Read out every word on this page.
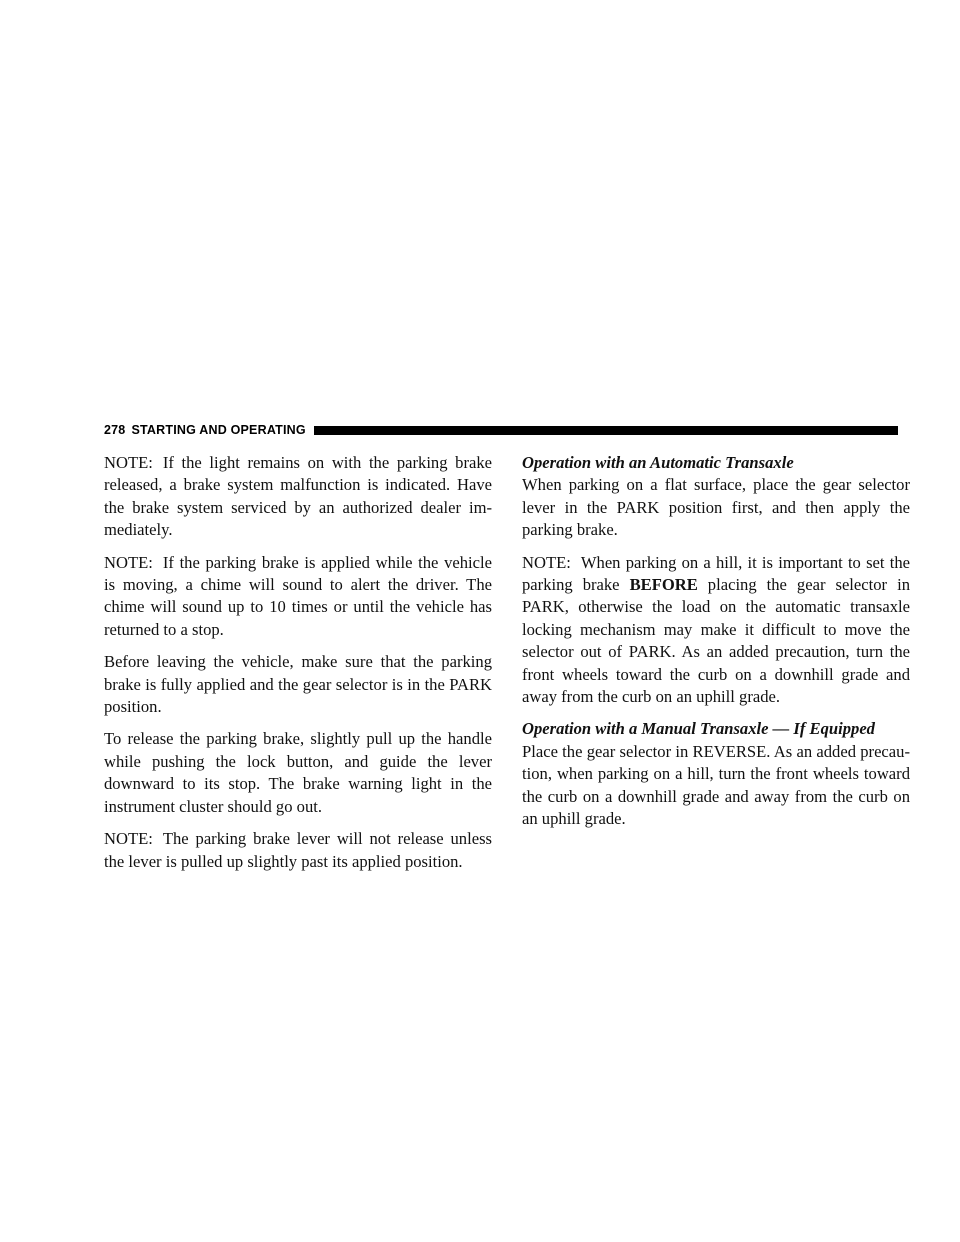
278 STARTING AND OPERATING

NOTE: If the light remains on with the parking brake released, a brake system malfunction is indicated. Have the brake system serviced by an authorized dealer im-mediately.

NOTE: If the parking brake is applied while the vehicle is moving, a chime will sound to alert the driver. The chime will sound up to 10 times or until the vehicle has returned to a stop.

Before leaving the vehicle, make sure that the parking brake is fully applied and the gear selector is in the PARK position.

To release the parking brake, slightly pull up the handle while pushing the lock button, and guide the lever downward to its stop. The brake warning light in the instrument cluster should go out.

NOTE: The parking brake lever will not release unless the lever is pulled up slightly past its applied position.

Operation with an Automatic Transaxle

When parking on a flat surface, place the gear selector lever in the PARK position first, and then apply the parking brake.

NOTE: When parking on a hill, it is important to set the parking brake BEFORE placing the gear selector in PARK, otherwise the load on the automatic transaxle locking mechanism may make it difficult to move the selector out of PARK. As an added precaution, turn the front wheels toward the curb on a downhill grade and away from the curb on an uphill grade.

Operation with a Manual Transaxle — If Equipped

Place the gear selector in REVERSE. As an added precau-tion, when parking on a hill, turn the front wheels toward the curb on a downhill grade and away from the curb on an uphill grade.
